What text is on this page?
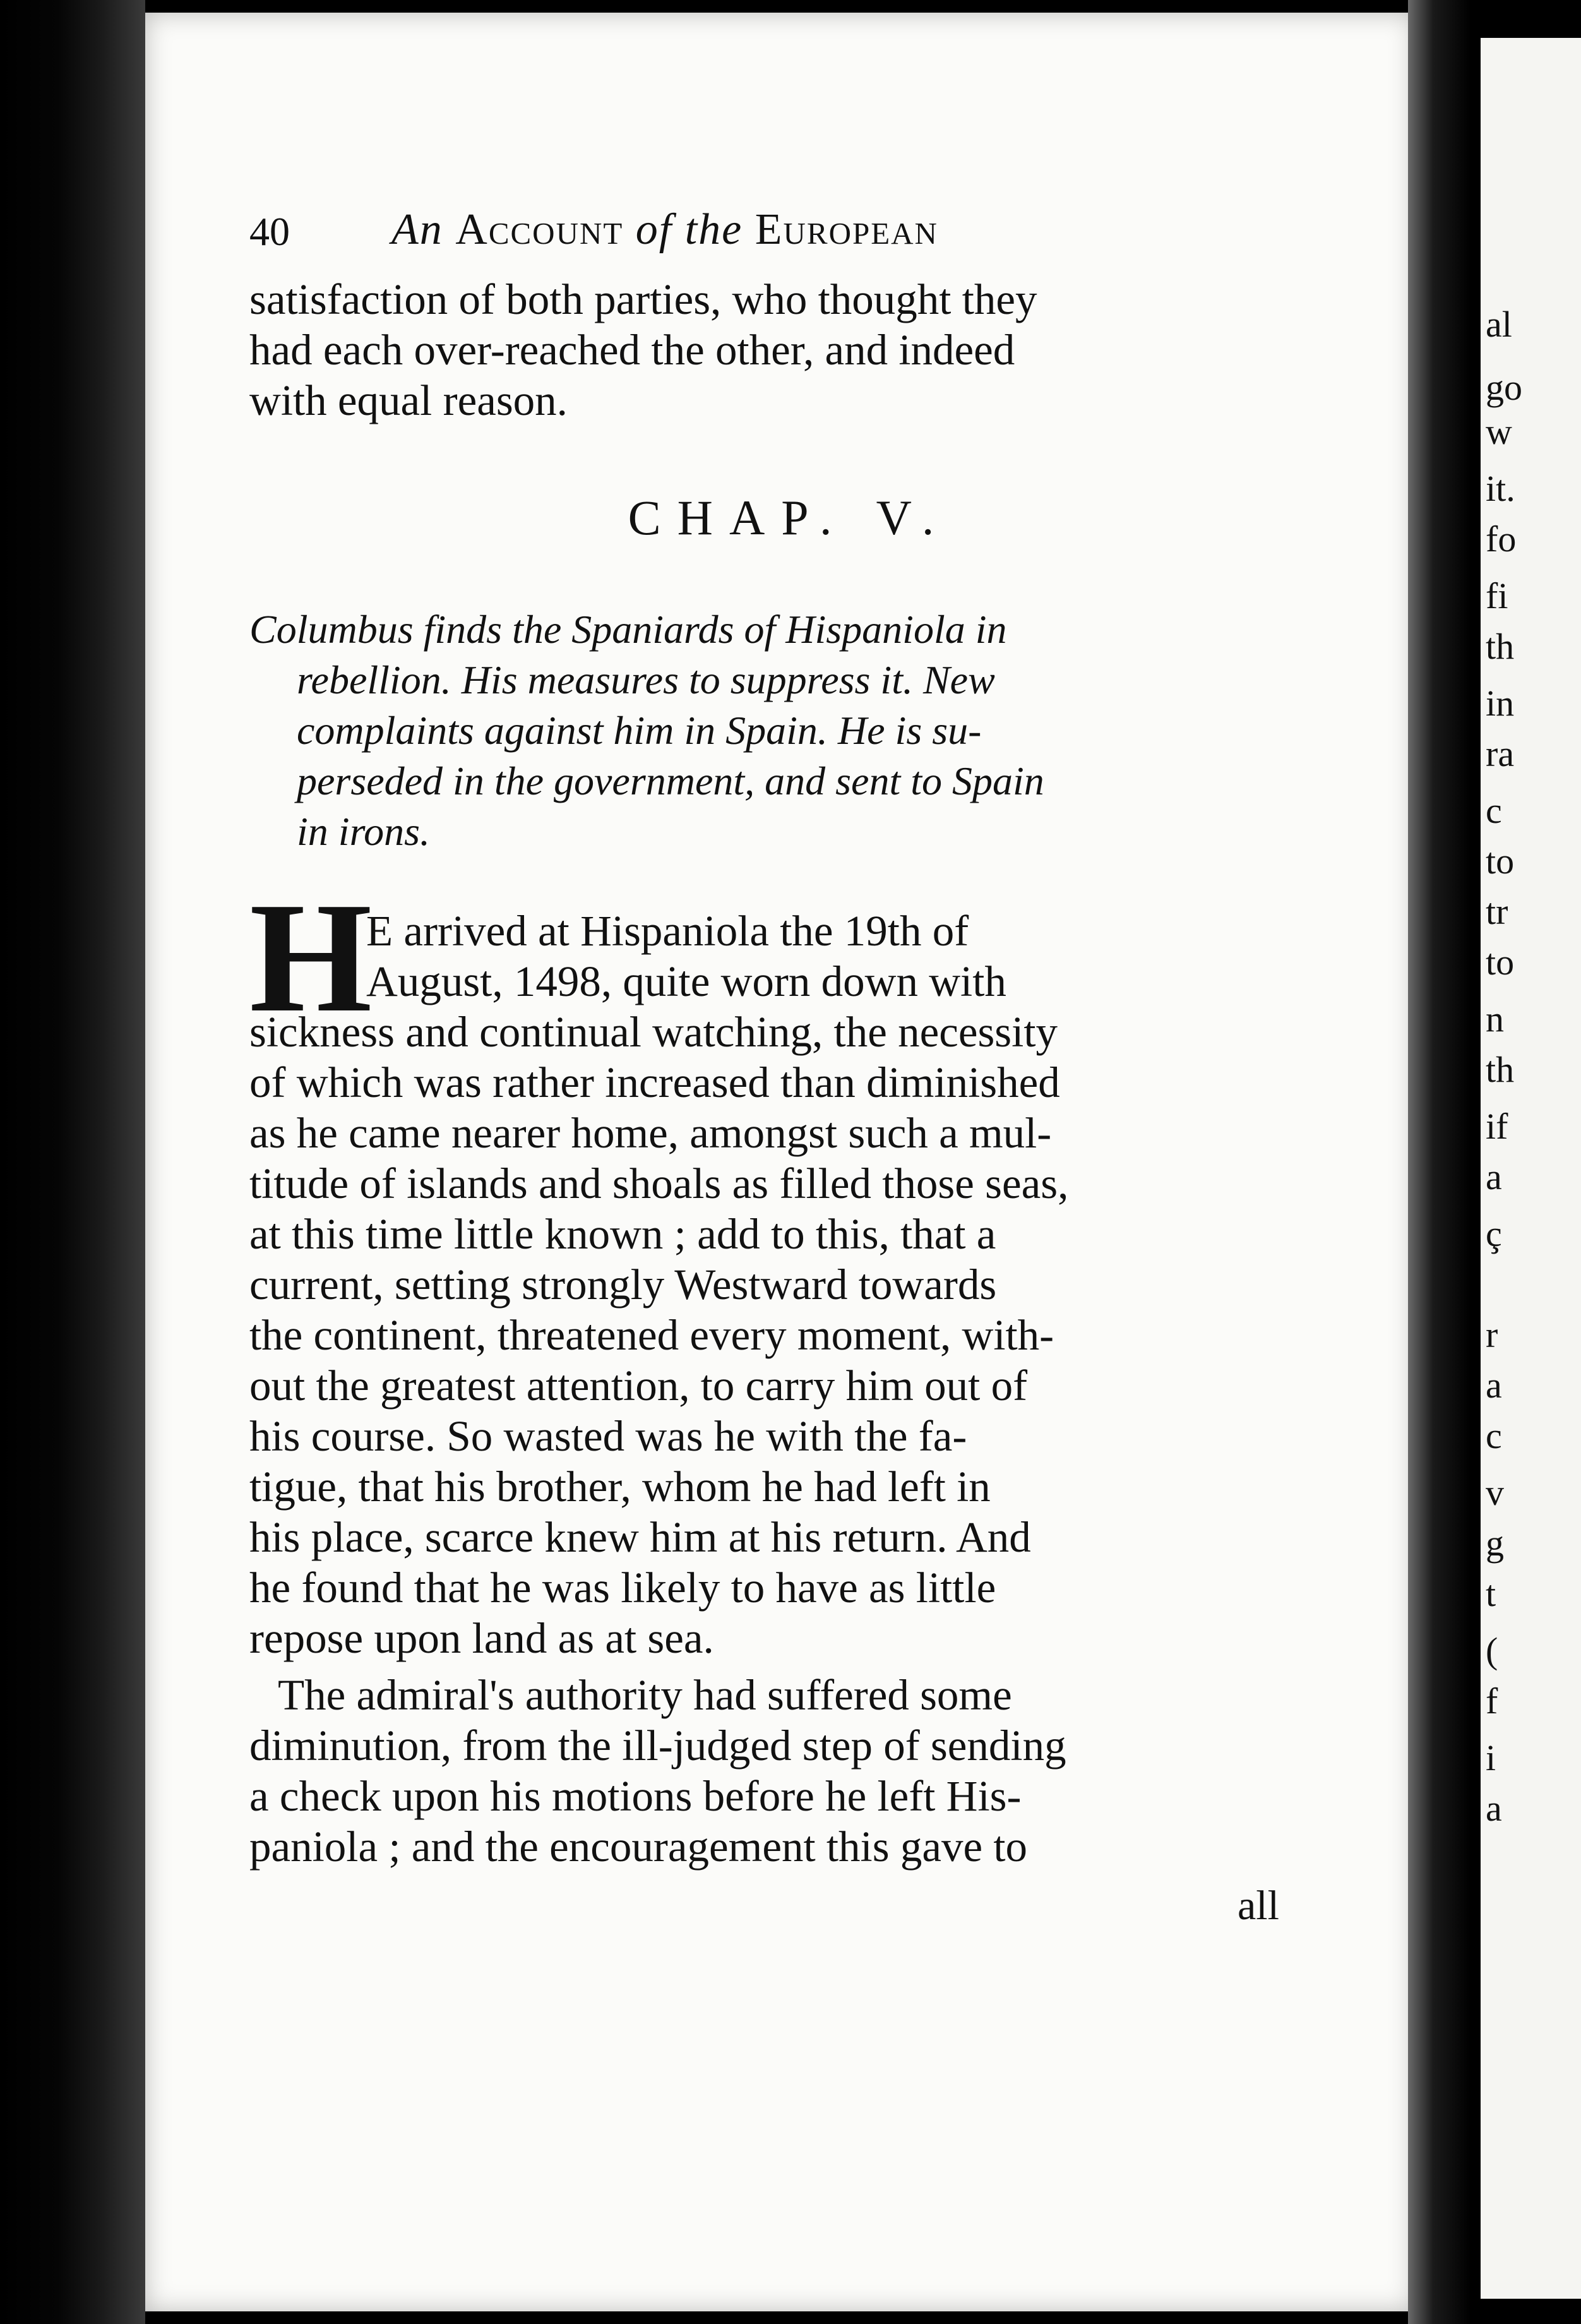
al
go
w
it.
fo
fi
th
in
ra
c
to
tr
to
n
th
if
a
ç
r
a
c
v
g
t
(
f
i
a
40 An Account of the European
satisfaction of both parties, who thought they
had each over-reached the other, and indeed
with equal reason.
CHAP. V.
Columbus finds the Spaniards of Hispaniola in
rebellion. His measures to suppress it. New
complaints against him in Spain. He is su-
perseded in the government, and sent to Spain
in irons.
H
E arrived at Hispaniola the 19th of
August, 1498, quite worn down with
sickness and continual watching, the necessity
of which was rather increased than diminished
as he came nearer home, amongst such a mul-
titude of islands and shoals as filled those seas,
at this time little known ; add to this, that a
current, setting strongly Westward towards
the continent, threatened every moment, with-
out the greatest attention, to carry him out of
his course. So wasted was he with the fa-
tigue, that his brother, whom he had left in
his place, scarce knew him at his return. And
he found that he was likely to have as little
repose upon land as at sea.
The admiral's authority had suffered some
diminution, from the ill-judged step of sending
a check upon his motions before he left His-
paniola ; and the encouragement this gave to
all
